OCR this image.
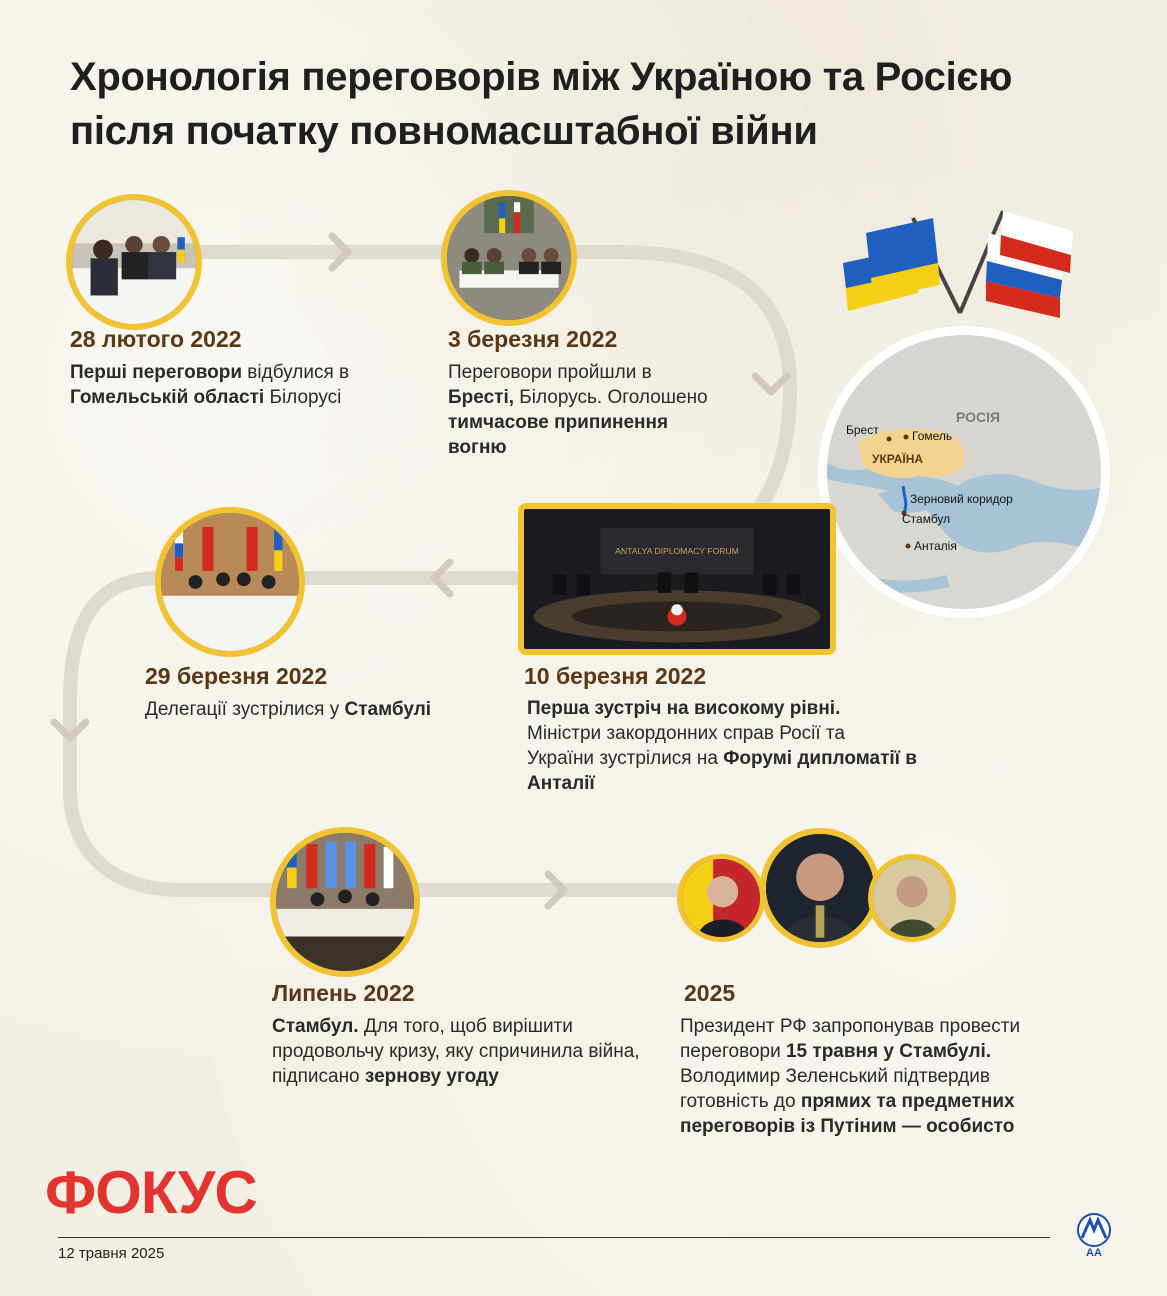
Хронологія переговорів між Україною та Росією
після початку повномасштабної війни
28 лютого 2022
Перші переговори відбулися в Гомельській області Білорусі
3 березня 2022
Переговори пройшли в Бресті, Білорусь. Оголошено тимчасове припинення вогню
РОСІЯ
Брест	Гомель
УКРАЇНА
Зерновий коридор
Стамбул
Анталія
ANTALYA DIPLOMACY FORUM
10 березня 2022
Перша зустріч на високому рівні. Міністри закордонних справ Росії та України зустрілися на Форумі дипломатії в Анталії
29 березня 2022
Делегації зустрілися у Стамбулі
Липень 2022
Стамбул. Для того, щоб вирішити продовольчу кризу, яку спричинила війна, підписано зернову угоду
2025
Президент РФ запропонував провести переговори 15 травня у Стамбулі. Володимир Зеленський підтвердив готовність до прямих та предметних переговорів із Путіним — особисто
ФОКУС
12 травня 2025	AA
